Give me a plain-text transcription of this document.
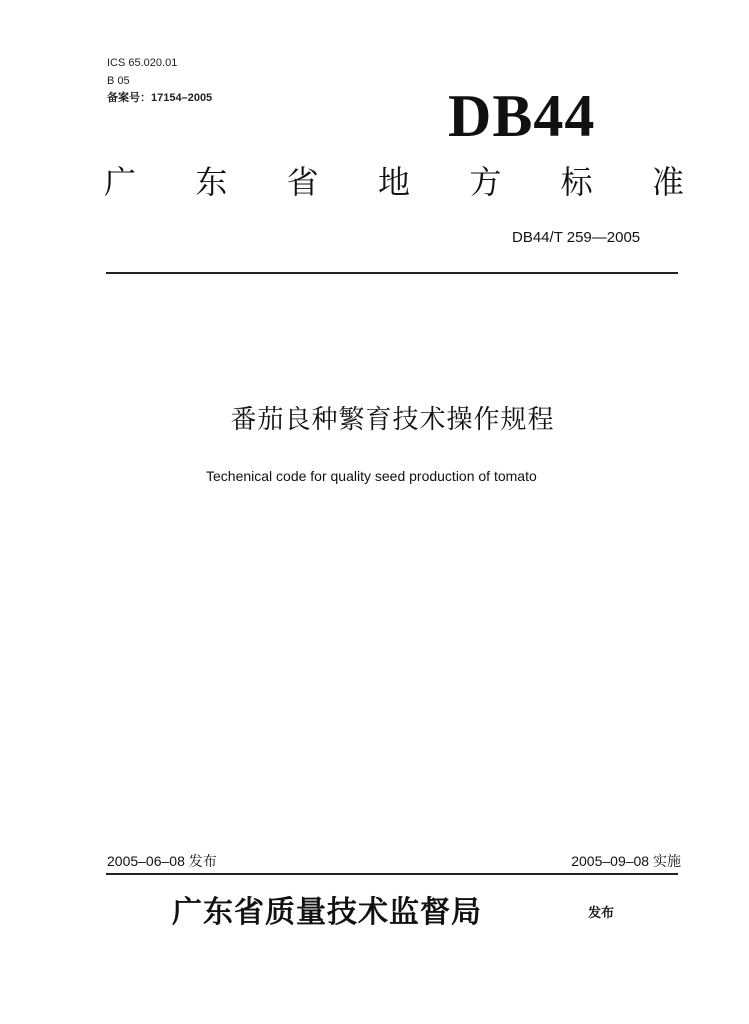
ICS 65.020.01
B 05
备案号：17154–2005	DB44
广 东 省 地 方 标 准
DB44/T 259—2005
番茄良种繁育技术操作规程
Techenical code for quality seed production of tomato
2005–06–08 发布	2005–09–08 实施
广东省质量技术监督局	发布
